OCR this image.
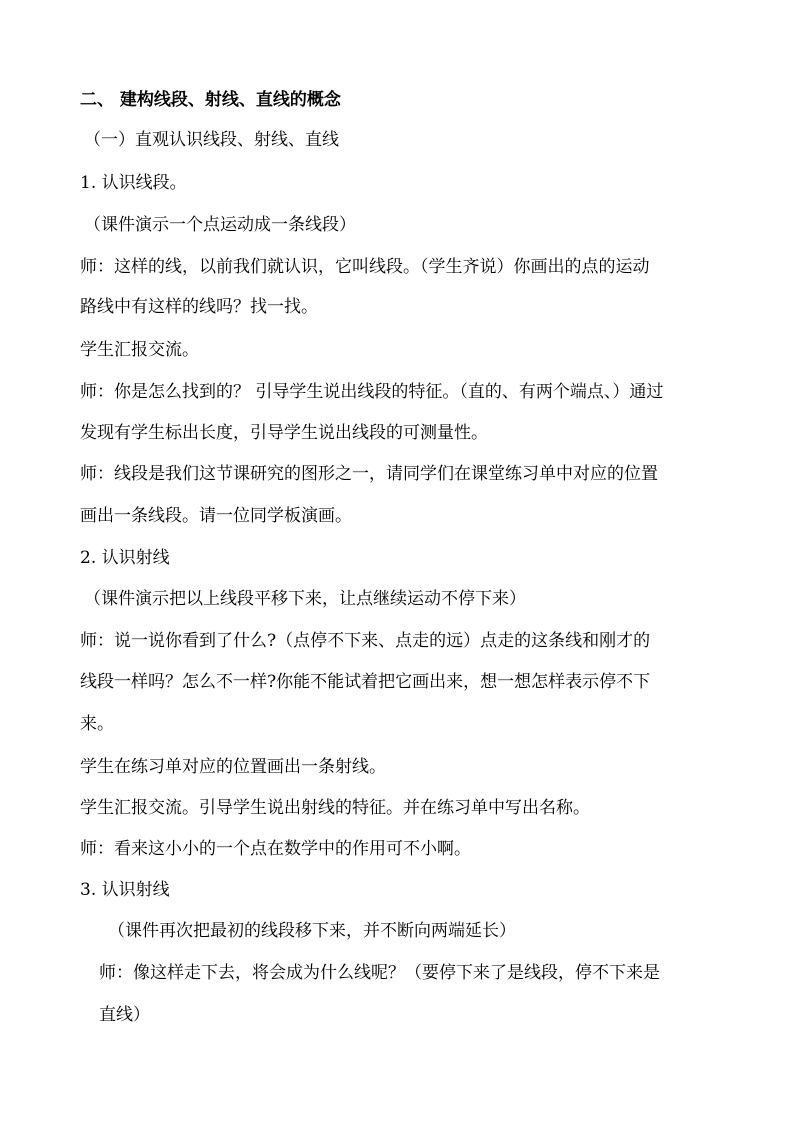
二、 建构线段、射线、直线的概念
（一）直观认识线段、射线、直线
1. 认识线段。
（课件演示一个点运动成一条线段）
师：这样的线，以前我们就认识，它叫线段。（学生齐说）你画出的点的运动
路线中有这样的线吗？找一找。
学生汇报交流。
师：你是怎么找到的？ 引导学生说出线段的特征。（直的、有两个端点、）通过
发现有学生标出长度，引导学生说出线段的可测量性。
师：线段是我们这节课研究的图形之一，请同学们在课堂练习单中对应的位置
画出一条线段。请一位同学板演画。
2. 认识射线
（课件演示把以上线段平移下来，让点继续运动不停下来）
师：说一说你看到了什么?（点停不下来、点走的远）点走的这条线和刚才的
线段一样吗？怎么不一样?你能不能试着把它画出来，想一想怎样表示停不下
来。
学生在练习单对应的位置画出一条射线。
学生汇报交流。引导学生说出射线的特征。并在练习单中写出名称。
师：看来这小小的一个点在数学中的作用可不小啊。
3. 认识射线
（课件再次把最初的线段移下来，并不断向两端延长）
师：像这样走下去，将会成为什么线呢？（要停下来了是线段，停不下来是
直线）
